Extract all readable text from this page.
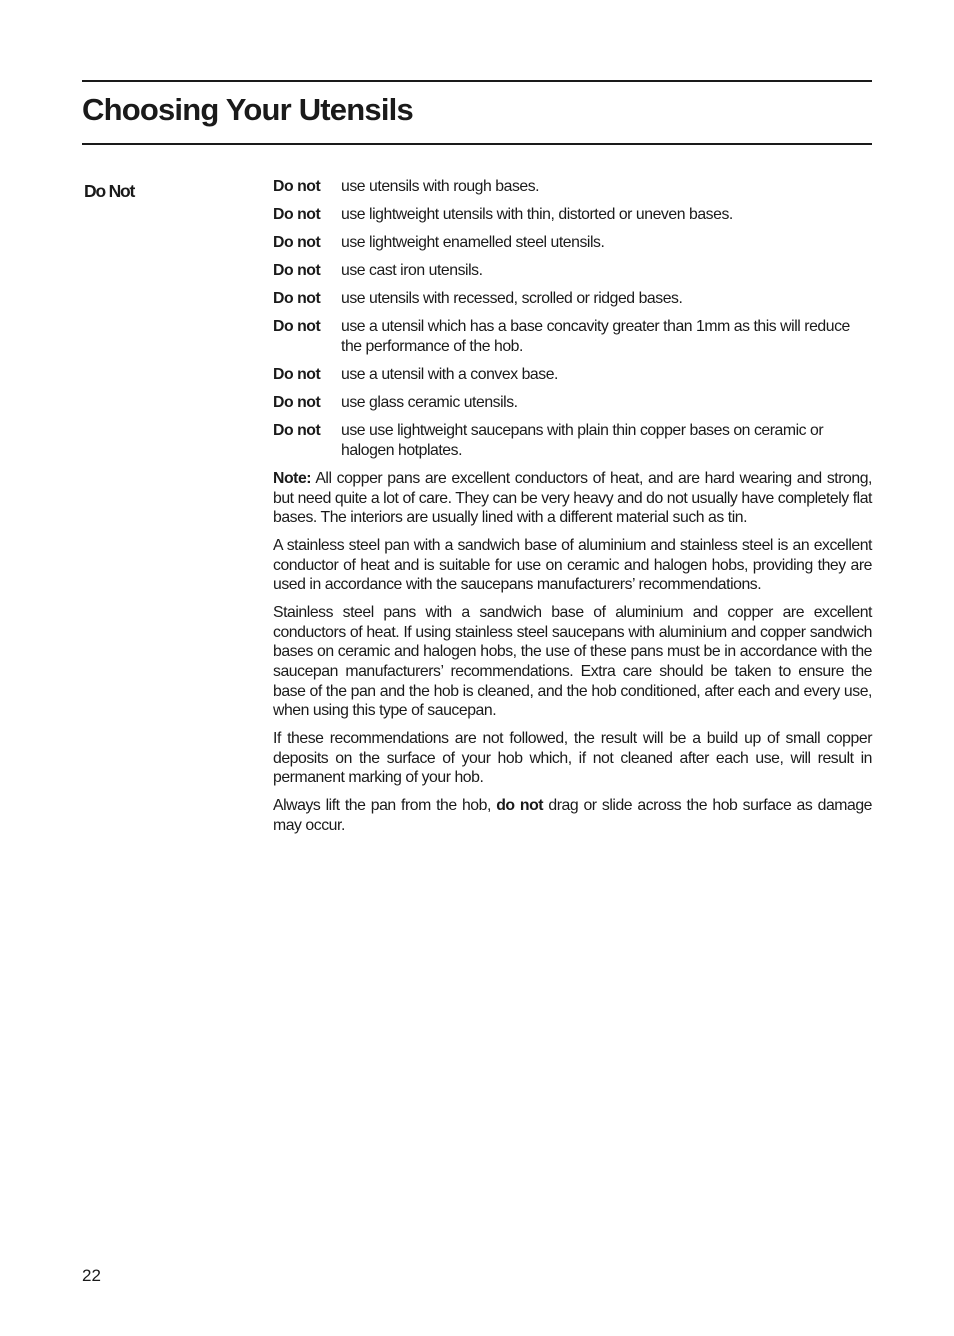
Choosing Your Utensils
Do Not	Do not	use utensils with rough bases.
Do not	use lightweight utensils with thin, distorted or uneven bases.
Do not	use lightweight enamelled steel utensils.
Do not	use cast iron utensils.
Do not	use utensils with recessed, scrolled or ridged bases.
Do not	use a utensil which has a base concavity greater than 1mm as this will reduce the performance of the hob.
Do not	use a utensil with a convex base.
Do not	use glass ceramic utensils.
Do not	use use lightweight saucepans with plain thin copper bases on ceramic or halogen hotplates.

Note: All copper pans are excellent conductors of heat, and are hard wearing and strong, but need quite a lot of care. They can be very heavy and do not usually have completely flat bases. The interiors are usually lined with a different material such as tin.

A stainless steel pan with a sandwich base of aluminium and stainless steel is an excellent conductor of heat and is suitable for use on ceramic and halogen hobs, providing they are used in accordance with the saucepans manufacturers’ recommendations.

Stainless steel pans with a sandwich base of aluminium and copper are excellent conductors of heat. If using stainless steel saucepans with aluminium and copper sandwich bases on ceramic and halogen hobs, the use of these pans must be in accordance with the saucepan manufacturers’ recommendations. Extra care should be taken to ensure the base of the pan and the hob is cleaned, and the hob conditioned, after each and every use, when using this type of saucepan.

If these recommendations are not followed, the result will be a build up of small copper deposits on the surface of your hob which, if not cleaned after each use, will result in permanent marking of your hob.

Always lift the pan from the hob, do not drag or slide across the hob surface as damage may occur.

22
